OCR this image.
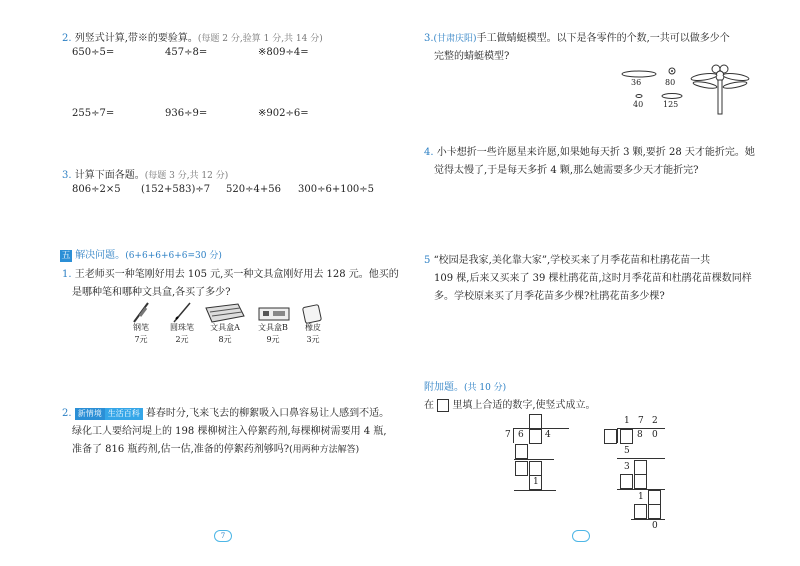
2. 列竖式计算,带※的要验算。(每题 2 分,验算 1 分,共 14 分)
650÷5=	457÷8=	※809÷4=
255÷7=	936÷9=	※902÷6=
3. 计算下面各题。(每题 3 分,共 12 分)
806÷2×5 (152+583)÷7 520÷4+56 300÷6+100÷5
五 解决问题。(6+6+6+6+6=30 分)
1. 王老师买一种笔刚好用去 105 元,买一种文具盒刚好用去 128 元。他买的
是哪种笔和哪种文具盒,各买了多少?
钢笔
7元
圆珠笔
2元
文具盒A
8元
文具盒B
9元
橡皮
3元
2. 新情境 生活百科 暮春时分,飞来飞去的柳絮吸入口鼻容易让人感到不适。
绿化工人要给河堤上的 198 棵柳树注入停絮药剂,每棵柳树需要用 4 瓶,
准备了 816 瓶药剂,估一估,准备的停絮药剂够吗?(用两种方法解答)
7
3.(甘肃庆阳)手工做蜻蜓模型。以下是各零件的个数,一共可以做多少个
完整的蜻蜓模型?
36	80
40 125
4. 小卡想折一些许愿星来许愿,如果她每天折 3 颗,要折 28 天才能折完。她
觉得太慢了,于是每天多折 4 颗,那么她需要多少天才能折完?
5 “校园是我家,美化靠大家”,学校买来了月季花苗和杜鹃花苗一共
109 棵,后来又买来了 39 棵杜鹃花苗,这时月季花苗和杜鹃花苗棵数同样
多。学校原来买了月季花苗多少棵?杜鹃花苗多少棵?
附加题。(共 10 分)
在 里填上合适的数字,使竖式成立。
7 6 4
1
1 7 2
8 0
5
3
1
0
